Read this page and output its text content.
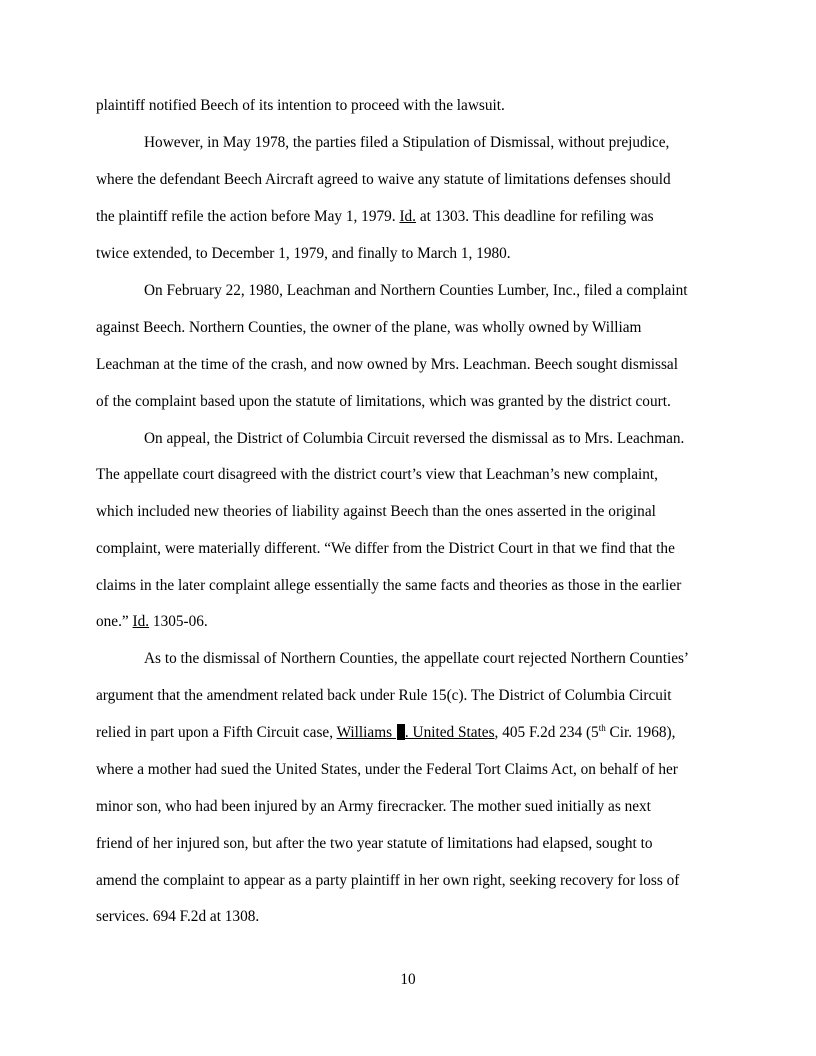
plaintiff notified Beech of its intention to proceed with the lawsuit.
However, in May 1978, the parties filed a Stipulation of Dismissal, without prejudice,
where the defendant Beech Aircraft agreed to waive any statute of limitations defenses should
the plaintiff refile the action before May 1, 1979. Id. at 1303. This deadline for refiling was
twice extended, to December 1, 1979, and finally to March 1, 1980.
On February 22, 1980, Leachman and Northern Counties Lumber, Inc., filed a complaint
against Beech. Northern Counties, the owner of the plane, was wholly owned by William
Leachman at the time of the crash, and now owned by Mrs. Leachman. Beech sought dismissal
of the complaint based upon the statute of limitations, which was granted by the district court.
On appeal, the District of Columbia Circuit reversed the dismissal as to Mrs. Leachman.
The appellate court disagreed with the district court’s view that Leachman’s new complaint,
which included new theories of liability against Beech than the ones asserted in the original
complaint, were materially different. “We differ from the District Court in that we find that the
claims in the later complaint allege essentially the same facts and theories as those in the earlier
one.” Id. 1305-06.
As to the dismissal of Northern Counties, the appellate court rejected Northern Counties’
argument that the amendment related back under Rule 15(c). The District of Columbia Circuit
relied in part upon a Fifth Circuit case, Williams . United States, 405 F.2d 234 (5th Cir. 1968),
where a mother had sued the United States, under the Federal Tort Claims Act, on behalf of her
minor son, who had been injured by an Army firecracker. The mother sued initially as next
friend of her injured son, but after the two year statute of limitations had elapsed, sought to
amend the complaint to appear as a party plaintiff in her own right, seeking recovery for loss of
services. 694 F.2d at 1308.
10
